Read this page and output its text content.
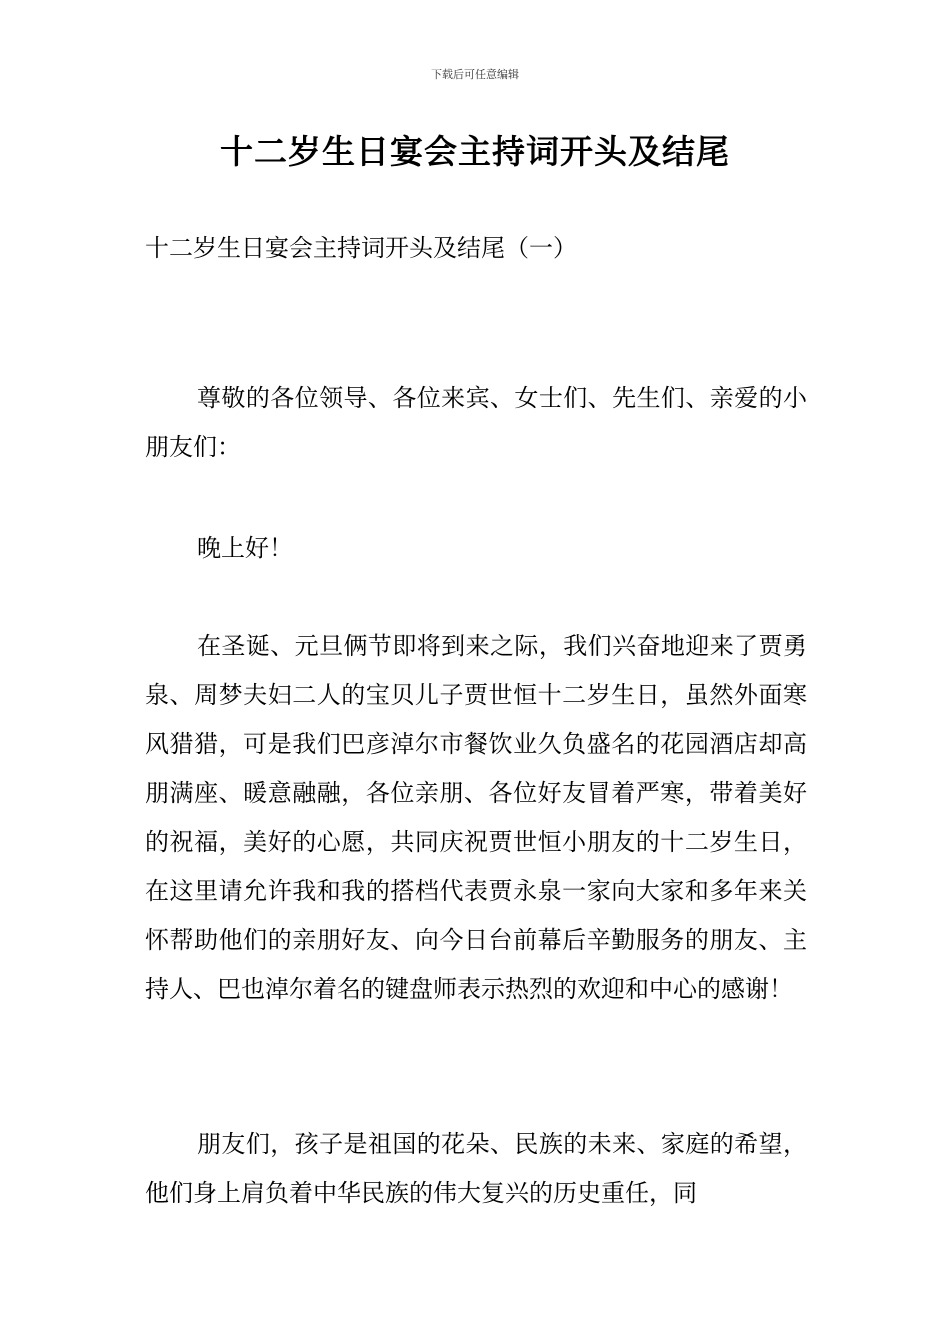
下载后可任意编辑
十二岁生日宴会主持词开头及结尾
十二岁生日宴会主持词开头及结尾（一）

尊敬的各位领导、各位来宾、女士们、先生们、亲爱的小朋友们：

晚上好！

在圣诞、元旦俩节即将到来之际，我们兴奋地迎来了贾勇泉、周梦夫妇二人的宝贝儿子贾世恒十二岁生日，虽然外面寒风猎猎，可是我们巴彦淖尔市餐饮业久负盛名的花园酒店却高朋满座、暖意融融，各位亲朋、各位好友冒着严寒，带着美好的祝福，美好的心愿，共同庆祝贾世恒小朋友的十二岁生日，在这里请允许我和我的搭档代表贾永泉一家向大家和多年来关怀帮助他们的亲朋好友、向今日台前幕后辛勤服务的朋友、主持人、巴也淖尔着名的键盘师表示热烈的欢迎和中心的感谢！

朋友们，孩子是祖国的花朵、民族的未来、家庭的希望，他们身上肩负着中华民族的伟大复兴的历史重任，同
